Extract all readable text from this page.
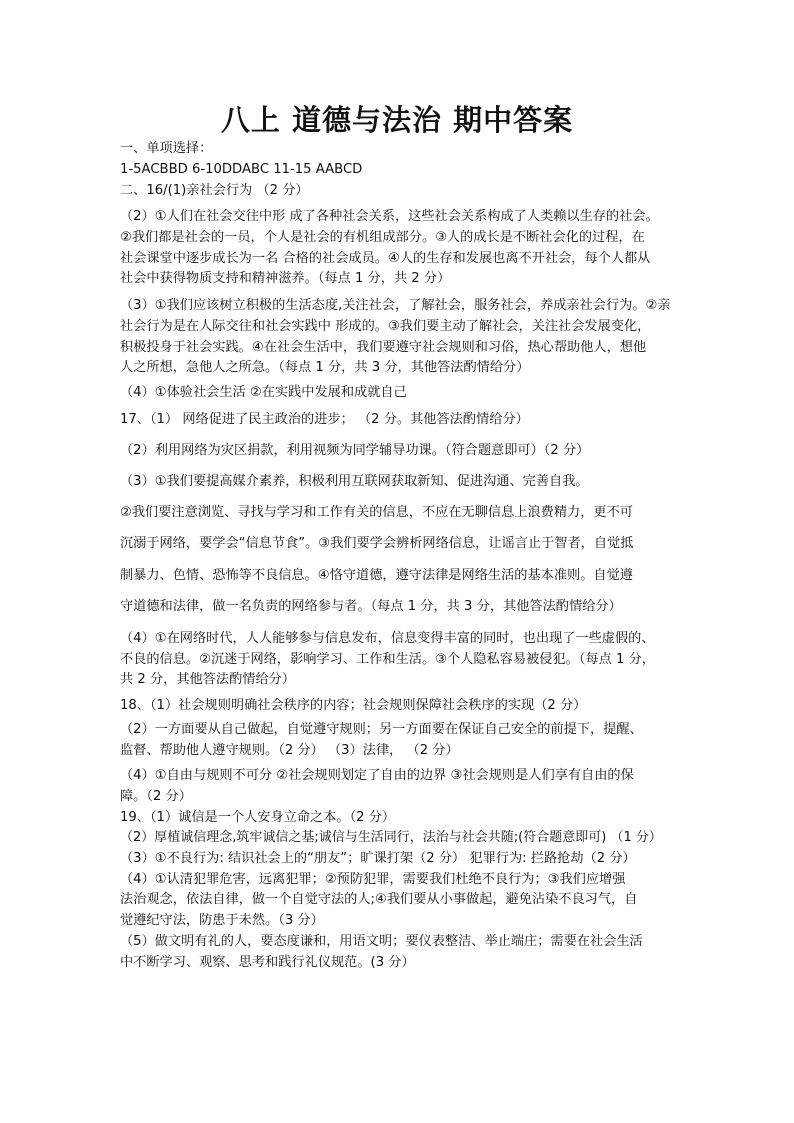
八上 道德与法治 期中答案
一、单项选择：
1-5ACBBD 6-10DDABC 11-15 AABCD
二、16/(1)亲社会行为 （2 分）
（2）①人们在社会交往中形 成了各种社会关系，这些社会关系构成了人类赖以生存的社会。
②我们都是社会的一员，个人是社会的有机组成部分。③人的成长是不断社会化的过程，在
社会课堂中逐步成长为一名 合格的社会成员。④人的生存和发展也离不开社会，每个人都从
社会中获得物质支持和精神滋养。（每点 1 分，共 2 分）
（3）①我们应该树立积极的生活态度,关注社会，了解社会，服务社会，养成亲社会行为。②亲
社会行为是在人际交往和社会实践中 形成的。③我们要主动了解社会，关注社会发展变化，
积极投身于社会实践。④在社会生活中，我们要遵守社会规则和习俗，热心帮助他人，想他
人之所想，急他人之所急。（每点 1 分，共 3 分，其他答法酌情给分）
（4）①体验社会生活 ②在实践中发展和成就自己
17、（1） 网络促进了民主政治的进步； （2 分。其他答法酌情给分）
（2）利用网络为灾区捐款，利用视频为同学辅导功课。（符合题意即可）（2 分）
（3）①我们要提高媒介素养，积极利用互联网获取新知、促进沟通、完善自我。
②我们要注意浏览、寻找与学习和工作有关的信息，不应在无聊信息上浪费精力，更不可
沉溺于网络，要学会“信息节食”。③我们要学会辨析网络信息，让谣言止于智者，自觉抵
制暴力、色情、恐怖等不良信息。④恪守道德，遵守法律是网络生活的基本准则。自觉遵
守道德和法律，做一名负责的网络参与者。（每点 1 分，共 3 分，其他答法酌情给分）
（4）①在网络时代，人人能够参与信息发布，信息变得丰富的同时，也出现了一些虚假的、
不良的信息。②沉迷于网络，影响学习、工作和生活。③个人隐私容易被侵犯。（每点 1 分，
共 2 分，其他答法酌情给分）
18、（1）社会规则明确社会秩序的内容；社会规则保障社会秩序的实现（2 分）
（2）一方面要从自己做起，自觉遵守规则；另一方面要在保证自己安全的前提下，提醒、
监督、帮助他人遵守规则。（2 分） （3）法律， （2 分）
（4）①自由与规则不可分 ②社会规则划定了自由的边界 ③社会规则是人们享有自由的保
障。（2 分）
19、（1）诚信是一个人安身立命之本。（2 分）
（2）厚植诚信理念,筑牢诚信之基;诚信与生活同行，法治与社会共随;(符合题意即可) （1 分）
（3）①不良行为: 结识社会上的“朋友”；旷课打架（2 分） 犯罪行为: 拦路抢劫（2 分）
（4）①认清犯罪危害，远离犯罪；②预防犯罪，需要我们杜绝不良行为；③我们应增强
法治观念，依法自律，做一个自觉守法的人;④我们要从小事做起，避免沾染不良习气，自
觉遵纪守法，防患于未然。（3 分）
（5）做文明有礼的人，要态度谦和，用语文明；要仪表整洁、举止端庄；需要在社会生活
中不断学习、观察、思考和践行礼仪规范。(3 分）
